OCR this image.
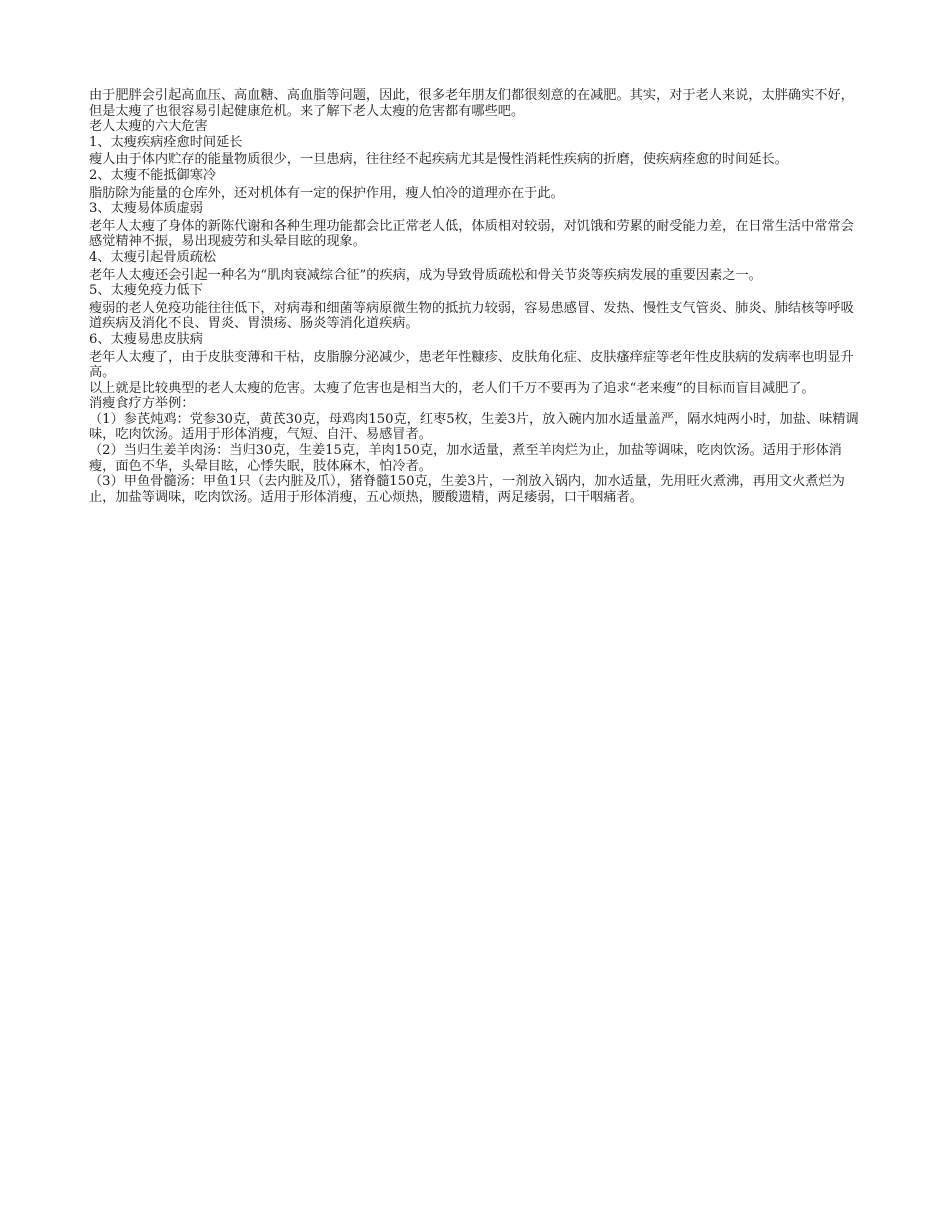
由于肥胖会引起高血压、高血糖、高血脂等问题，因此，很多老年朋友们都很刻意的在减肥。其实，对于老人来说，太胖确实不好，但是太瘦了也很容易引起健康危机。来了解下老人太瘦的危害都有哪些吧。

老人太瘦的六大危害

1、太瘦疾病痊愈时间延长

瘦人由于体内贮存的能量物质很少，一旦患病，往往经不起疾病尤其是慢性消耗性疾病的折磨，使疾病痊愈的时间延长。

2、太瘦不能抵御寒冷

脂肪除为能量的仓库外，还对机体有一定的保护作用，瘦人怕冷的道理亦在于此。

3、太瘦易体质虚弱

老年人太瘦了身体的新陈代谢和各种生理功能都会比正常老人低，体质相对较弱，对饥饿和劳累的耐受能力差，在日常生活中常常会感觉精神不振，易出现疲劳和头晕目眩的现象。

4、太瘦引起骨质疏松

老年人太瘦还会引起一种名为“肌肉衰减综合征”的疾病，成为导致骨质疏松和骨关节炎等疾病发展的重要因素之一。

5、太瘦免疫力低下

瘦弱的老人免疫功能往往低下，对病毒和细菌等病原微生物的抵抗力较弱，容易患感冒、发热、慢性支气管炎、肺炎、肺结核等呼吸道疾病及消化不良、胃炎、胃溃疡、肠炎等消化道疾病。

6、太瘦易患皮肤病

老年人太瘦了，由于皮肤变薄和干枯，皮脂腺分泌减少，患老年性糠疹、皮肤角化症、皮肤瘙痒症等老年性皮肤病的发病率也明显升高。

以上就是比较典型的老人太瘦的危害。太瘦了危害也是相当大的，老人们千万不要再为了追求“老来瘦”的目标而盲目减肥了。

消瘦食疗方举例：

（1）参芪炖鸡：党参30克，黄芪30克，母鸡肉150克，红枣5枚，生姜3片，放入碗内加水适量盖严，隔水炖两小时，加盐、味精调味，吃肉饮汤。适用于形体消瘦，气短、自汗、易感冒者。

（2）当归生姜羊肉汤：当归30克，生姜15克，羊肉150克，加水适量，煮至羊肉烂为止，加盐等调味，吃肉饮汤。适用于形体消瘦，面色不华，头晕目眩，心悸失眠，肢体麻木，怕冷者。

（3）甲鱼骨髓汤：甲鱼1只（去内脏及爪），猪脊髓150克，生姜3片，一剂放入锅内，加水适量，先用旺火煮沸，再用文火煮烂为止，加盐等调味，吃肉饮汤。适用于形体消瘦，五心烦热，腰酸遗精，两足痿弱，口干咽痛者。
